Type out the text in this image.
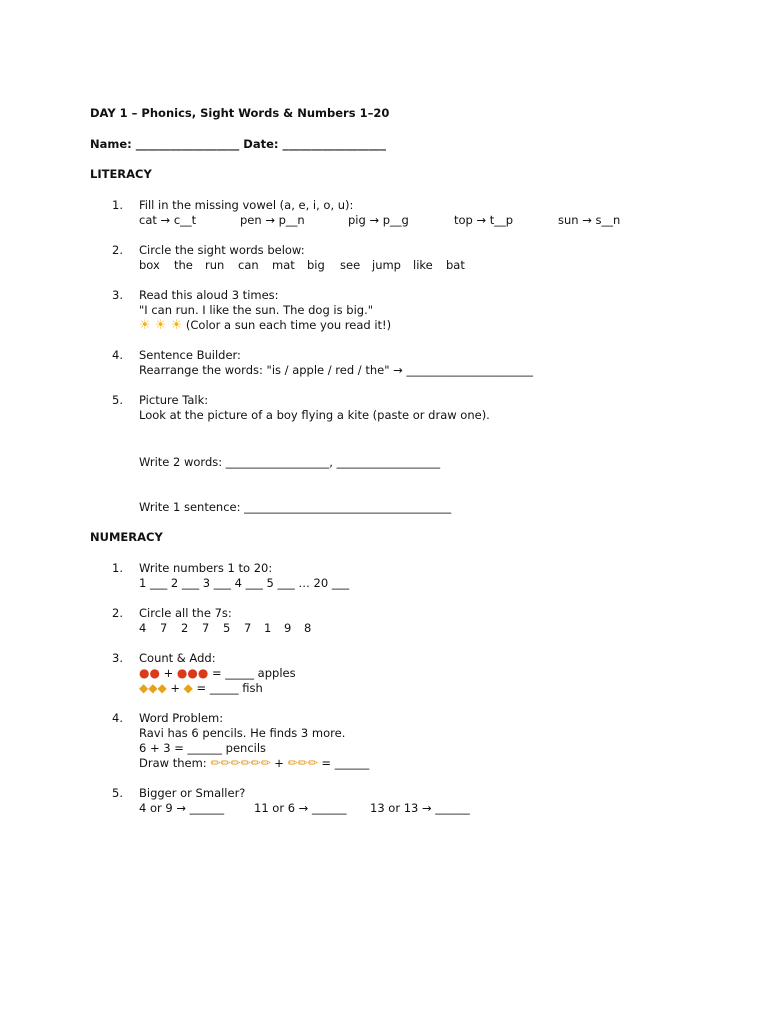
DAY 1 – Phonics, Sight Words & Numbers 1–20
Name: __________________ Date: __________________
LITERACY
1. Fill in the missing vowel (a, e, i, o, u):
cat → c__t	pen → p__n	pig → p__g	top → t__p	sun → s__n
2. Circle the sight words below:
box the run can mat big see jump like bat
3. Read this aloud 3 times:
"I can run. I like the sun. The dog is big."
☀ ☀ ☀ (Color a sun each time you read it!)
4. Sentence Builder:
Rearrange the words: "is / apple / red / the" → ______________________
5. Picture Talk:
Look at the picture of a boy flying a kite (paste or draw one).
Write 2 words: __________________, __________________
Write 1 sentence: ____________________________________
NUMERACY
1. Write numbers 1 to 20:
1 ___ 2 ___ 3 ___ 4 ___ 5 ___ … 20 ___
2. Circle all the 7s:
4 7 2 7 5 7 1 9 8
3. Count & Add:
●● + ●●● = _____ apples
◆◆◆ + ◆ = _____ fish
4. Word Problem:
Ravi has 6 pencils. He finds 3 more.
6 + 3 = ______ pencils
Draw them: ✏✏✏✏✏✏ + ✏✏✏ = ______
5. Bigger or Smaller?
4 or 9 → ______	11 or 6 → ______ 13 or 13 → ______
